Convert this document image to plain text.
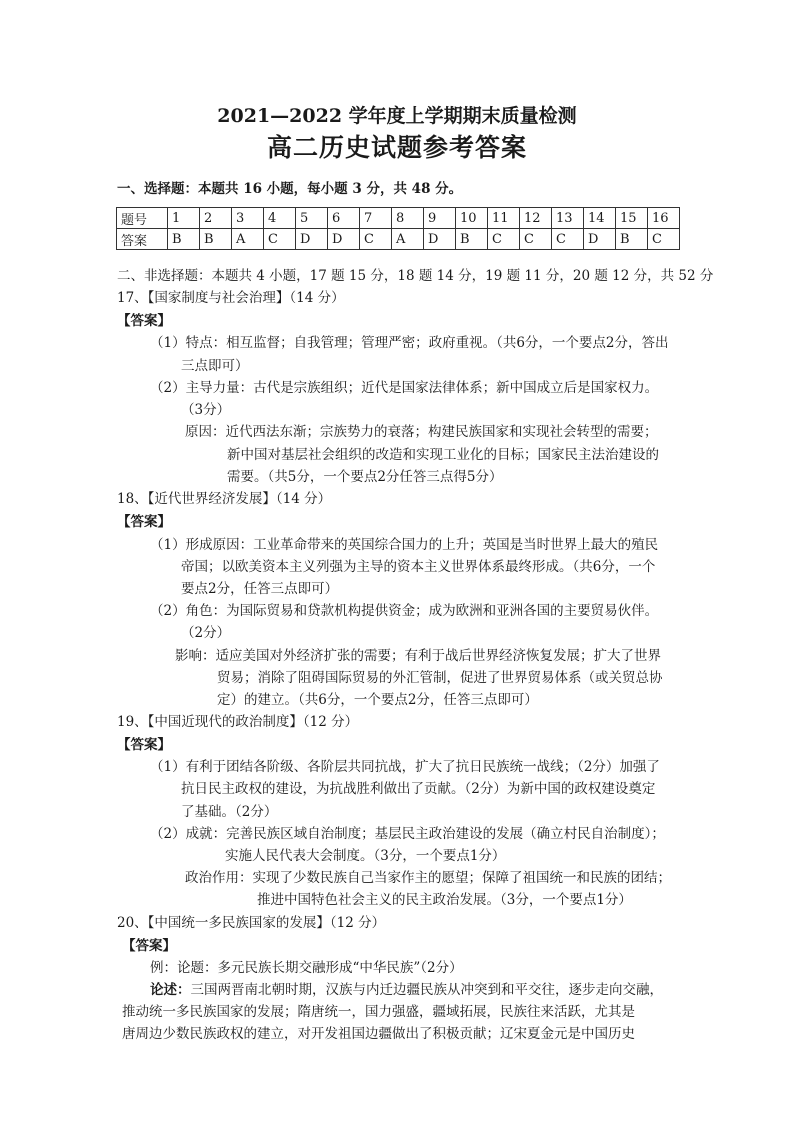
2021—2022 学年度上学期期末质量检测
高二历史试题参考答案
一、选择题：本题共 16 小题，每小题 3 分，共 48 分。
题号	1	2	3	4	5	6	7	8	9	10	11	12	13	14	15	16
答案	B	B	A	C	D	D	C	A	D	B	C	C	C	D	B	C
二、非选择题：本题共 4 小题，17 题 15 分，18 题 14 分，19 题 11 分，20 题 12 分，共 52 分
17、【国家制度与社会治理】（14 分）
【答案】
（1）特点：相互监督；自我管理；管理严密；政府重视。（共6分，一个要点2分，答出
三点即可）
（2）主导力量：古代是宗族组织；近代是国家法律体系；新中国成立后是国家权力。
（3分）
原因：近代西法东渐；宗族势力的衰落；构建民族国家和实现社会转型的需要；
新中国对基层社会组织的改造和实现工业化的目标；国家民主法治建设的
需要。（共5分，一个要点2分任答三点得5分）
18、【近代世界经济发展】（14 分）
【答案】
（1）形成原因：工业革命带来的英国综合国力的上升；英国是当时世界上最大的殖民
帝国；以欧美资本主义列强为主导的资本主义世界体系最终形成。（共6分，一个
要点2分，任答三点即可）
（2）角色：为国际贸易和贷款机构提供资金；成为欧洲和亚洲各国的主要贸易伙伴。
（2分）
影响：适应美国对外经济扩张的需要；有利于战后世界经济恢复发展；扩大了世界
贸易；消除了阻碍国际贸易的外汇管制，促进了世界贸易体系（或关贸总协
定）的建立。（共6分，一个要点2分，任答三点即可）
19、【中国近现代的政治制度】（12 分）
【答案】
（1）有利于团结各阶级、各阶层共同抗战，扩大了抗日民族统一战线；（2分）加强了
抗日民主政权的建设，为抗战胜利做出了贡献。（2分）为新中国的政权建设奠定
了基础。（2分）
（2）成就：完善民族区域自治制度；基层民主政治建设的发展（确立村民自治制度）；
实施人民代表大会制度。（3分，一个要点1分）
政治作用：实现了少数民族自己当家作主的愿望；保障了祖国统一和民族的团结；
推进中国特色社会主义的民主政治发展。（3分，一个要点1分）
20、【中国统一多民族国家的发展】（12 分）
【答案】
例：论题：多元民族长期交融形成“中华民族”（2分）
论述：三国两晋南北朝时期，汉族与内迁边疆民族从冲突到和平交往，逐步走向交融，
推动统一多民族国家的发展；隋唐统一，国力强盛，疆域拓展，民族往来活跃，尤其是
唐周边少数民族政权的建立，对开发祖国边疆做出了积极贡献；辽宋夏金元是中国历史
